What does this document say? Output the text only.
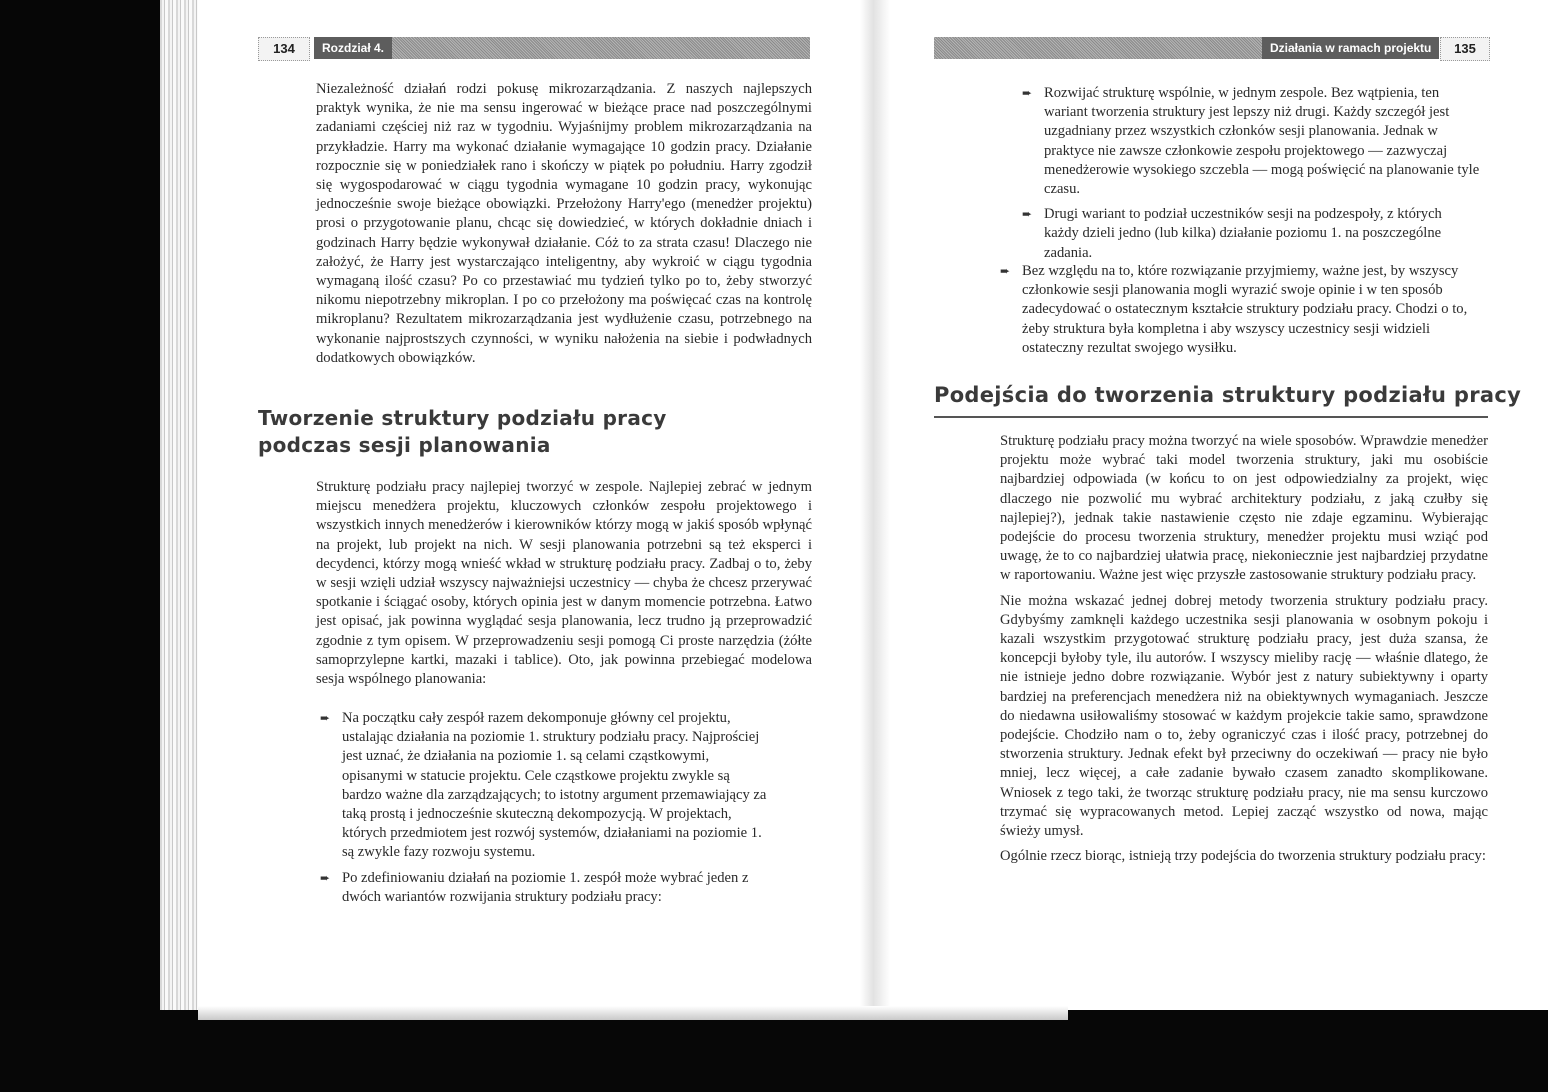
134	Rozdział 4.	Działania w ramach projektu	135

Niezależność działań rodzi pokusę mikrozarządzania. Z naszych najlepszych praktyk wynika, że nie ma sensu ingerować w bieżące prace nad poszczególnymi zadaniami częściej niż raz w tygodniu. Wyjaśnijmy problem mikrozarządzania na przykładzie. Harry ma wykonać działanie wymagające 10 godzin pracy. Działanie rozpocznie się w poniedziałek rano i skończy w piątek po południu. Harry zgodził się wygospodarować w ciągu tygodnia wymagane 10 godzin pracy, wykonując jednocześnie swoje bieżące obowiązki. Przełożony Harry'ego (menedżer projektu) prosi o przygotowanie planu, chcąc się dowiedzieć, w których dokładnie dniach i godzinach Harry będzie wykonywał działanie. Cóż to za strata czasu! Dlaczego nie założyć, że Harry jest wystarczająco inteligentny, aby wykroić w ciągu tygodnia wymaganą ilość czasu? Po co przestawiać mu tydzień tylko po to, żeby stworzyć nikomu niepotrzebny mikroplan. I po co przełożony ma poświęcać czas na kontrolę mikroplanu? Rezultatem mikrozarządzania jest wydłużenie czasu, potrzebnego na wykonanie najprostszych czynności, w wyniku nałożenia na siebie i podwładnych dodatkowych obowiązków.

Tworzenie struktury podziału pracy
podczas sesji planowania

Strukturę podziału pracy najlepiej tworzyć w zespole. Najlepiej zebrać w jednym miejscu menedżera projektu, kluczowych członków zespołu projektowego i wszystkich innych menedżerów i kierowników którzy mogą w jakiś sposób wpłynąć na projekt, lub projekt na nich. W sesji planowania potrzebni są też eksperci i decydenci, którzy mogą wnieść wkład w strukturę podziału pracy. Zadbaj o to, żeby w sesji wzięli udział wszyscy najważniejsi uczestnicy — chyba że chcesz przerywać spotkanie i ściągać osoby, których opinia jest w danym momencie potrzebna. Łatwo jest opisać, jak powinna wyglądać sesja planowania, lecz trudno ją przeprowadzić zgodnie z tym opisem. W przeprowadzeniu sesji pomogą Ci proste narzędzia (żółte samoprzylepne kartki, mazaki i tablice). Oto, jak powinna przebiegać modelowa sesja wspólnego planowania:

➨ Na początku cały zespół razem dekomponuje główny cel projektu, ustalając działania na poziomie 1. struktury podziału pracy. Najprościej jest uznać, że działania na poziomie 1. są celami cząstkowymi, opisanymi w statucie projektu. Cele cząstkowe projektu zwykle są bardzo ważne dla zarządzających; to istotny argument przemawiający za taką prostą i jednocześnie skuteczną dekompozycją. W projektach, których przedmiotem jest rozwój systemów, działaniami na poziomie 1. są zwykle fazy rozwoju systemu.
➨ Po zdefiniowaniu działań na poziomie 1. zespół może wybrać jeden z dwóch wariantów rozwijania struktury podziału pracy:
➨ Rozwijać strukturę wspólnie, w jednym zespole. Bez wątpienia, ten wariant tworzenia struktury jest lepszy niż drugi. Każdy szczegół jest uzgadniany przez wszystkich członków sesji planowania. Jednak w praktyce nie zawsze członkowie zespołu projektowego — zazwyczaj menedżerowie wysokiego szczebla — mogą poświęcić na planowanie tyle czasu.
➨ Drugi wariant to podział uczestników sesji na podzespoły, z których każdy dzieli jedno (lub kilka) działanie poziomu 1. na poszczególne zadania.
➨ Bez względu na to, które rozwiązanie przyjmiemy, ważne jest, by wszyscy członkowie sesji planowania mogli wyrazić swoje opinie i w ten sposób zadecydować o ostatecznym kształcie struktury podziału pracy. Chodzi o to, żeby struktura była kompletna i aby wszyscy uczestnicy sesji widzieli ostateczny rezultat swojego wysiłku.
Podejścia do tworzenia struktury podziału pracy

Strukturę podziału pracy można tworzyć na wiele sposobów. Wprawdzie menedżer projektu może wybrać taki model tworzenia struktury, jaki mu osobiście najbardziej odpowiada (w końcu to on jest odpowiedzialny za projekt, więc dlaczego nie pozwolić mu wybrać architektury podziału, z jaką czułby się najlepiej?), jednak takie nastawienie często nie zdaje egzaminu. Wybierając podejście do procesu tworzenia struktury, menedżer projektu musi wziąć pod uwagę, że to co najbardziej ułatwia pracę, niekoniecznie jest najbardziej przydatne w raportowaniu. Ważne jest więc przyszłe zastosowanie struktury podziału pracy.

Nie można wskazać jednej dobrej metody tworzenia struktury podziału pracy. Gdybyśmy zamknęli każdego uczestnika sesji planowania w osobnym pokoju i kazali wszystkim przygotować strukturę podziału pracy, jest duża szansa, że koncepcji byłoby tyle, ilu autorów. I wszyscy mieliby rację — właśnie dlatego, że nie istnieje jedno dobre rozwiązanie. Wybór jest z natury subiektywny i oparty bardziej na preferencjach menedżera niż na obiektywnych wymaganiach. Jeszcze do niedawna usiłowaliśmy stosować w każdym projekcie takie samo, sprawdzone podejście. Chodziło nam o to, żeby ograniczyć czas i ilość pracy, potrzebnej do stworzenia struktury. Jednak efekt był przeciwny do oczekiwań — pracy nie było mniej, lecz więcej, a całe zadanie bywało czasem zanadto skomplikowane. Wniosek z tego taki, że tworząc strukturę podziału pracy, nie ma sensu kurczowo trzymać się wypracowanych metod. Lepiej zacząć wszystko od nowa, mając świeży umysł.

Ogólnie rzecz biorąc, istnieją trzy podejścia do tworzenia struktury podziału pracy:
